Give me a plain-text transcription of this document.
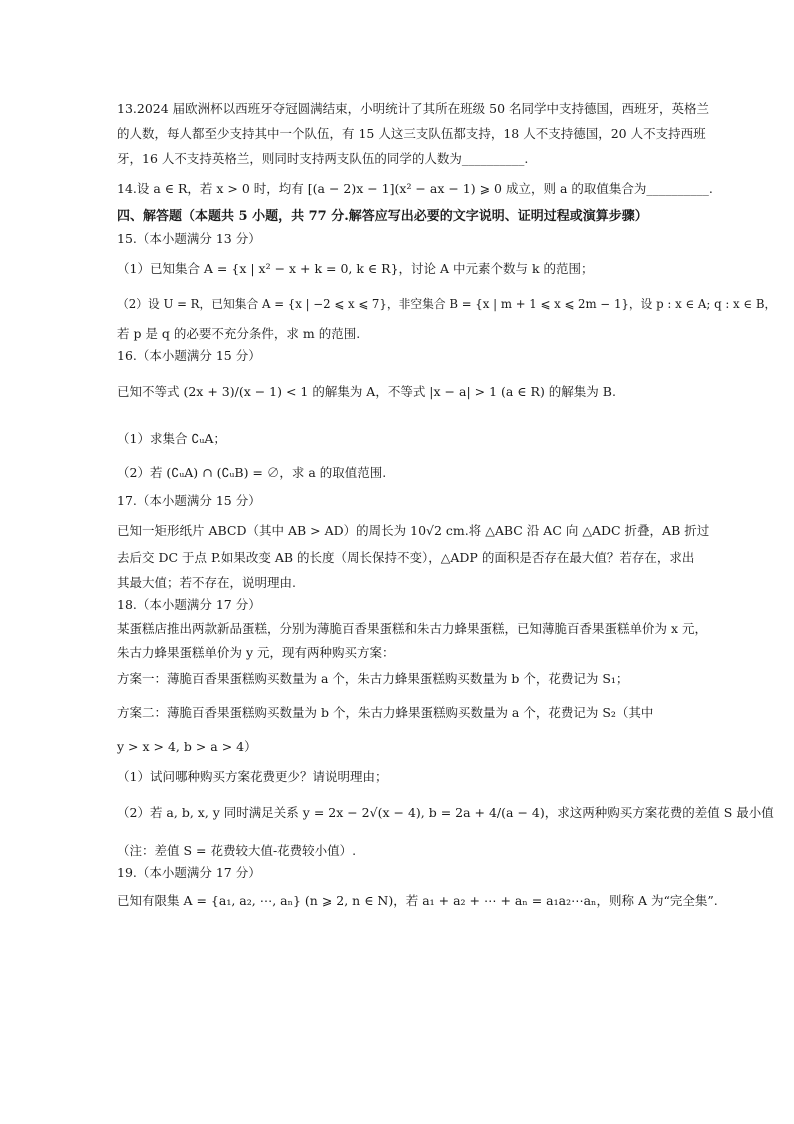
13.2024 届欧洲杯以西班牙夺冠圆满结束，小明统计了其所在班级 50 名同学中支持德国，西班牙，英格兰
的人数，每人都至少支持其中一个队伍，有 15 人这三支队伍都支持，18 人不支持德国，20 人不支持西班
牙，16 人不支持英格兰，则同时支持两支队伍的同学的人数为__________.
14.设 a ∈ R，若 x > 0 时，均有 [(a − 2)x − 1](x² − ax − 1) ⩾ 0 成立，则 a 的取值集合为__________.
四、解答题（本题共 5 小题，共 77 分.解答应写出必要的文字说明、证明过程或演算步骤）
15.（本小题满分 13 分）
（1）已知集合 A = {x | x² − x + k = 0, k ∈ R}，讨论 A 中元素个数与 k 的范围；
（2）设 U = R，已知集合 A = {x | −2 ⩽ x ⩽ 7}，非空集合 B = {x | m + 1 ⩽ x ⩽ 2m − 1}，设 p : x ∈ A; q : x ∈ B，
若 p 是 q 的必要不充分条件，求 m 的范围.
16.（本小题满分 15 分）
已知不等式 (2x + 3)/(x − 1) < 1 的解集为 A，不等式 |x − a| > 1 (a ∈ R) 的解集为 B.
（1）求集合 ∁ᵤA；
（2）若 (∁ᵤA) ∩ (∁ᵤB) = ∅，求 a 的取值范围.
17.（本小题满分 15 分）
已知一矩形纸片 ABCD（其中 AB > AD）的周长为 10√2 cm.将 △ABC 沿 AC 向 △ADC 折叠，AB 折过
去后交 DC 于点 P.如果改变 AB 的长度（周长保持不变），△ADP 的面积是否存在最大值？若存在，求出
其最大值；若不存在，说明理由.
18.（本小题满分 17 分）
某蛋糕店推出两款新品蛋糕，分别为薄脆百香果蛋糕和朱古力蜂果蛋糕，已知薄脆百香果蛋糕单价为 x 元，
朱古力蜂果蛋糕单价为 y 元，现有两种购买方案：
方案一：薄脆百香果蛋糕购买数量为 a 个，朱古力蜂果蛋糕购买数量为 b 个，花费记为 S₁；
方案二：薄脆百香果蛋糕购买数量为 b 个，朱古力蜂果蛋糕购买数量为 a 个，花费记为 S₂（其中
y > x > 4, b > a > 4）
（1）试问哪种购买方案花费更少？请说明理由；
（2）若 a, b, x, y 同时满足关系 y = 2x − 2√(x − 4), b = 2a + 4/(a − 4)，求这两种购买方案花费的差值 S 最小值
（注：差值 S = 花费较大值-花费较小值）.
19.（本小题满分 17 分）
已知有限集 A = {a₁, a₂, ⋯, aₙ} (n ⩾ 2, n ∈ N)，若 a₁ + a₂ + ⋯ + aₙ = a₁a₂⋯aₙ，则称 A 为“完全集”.
